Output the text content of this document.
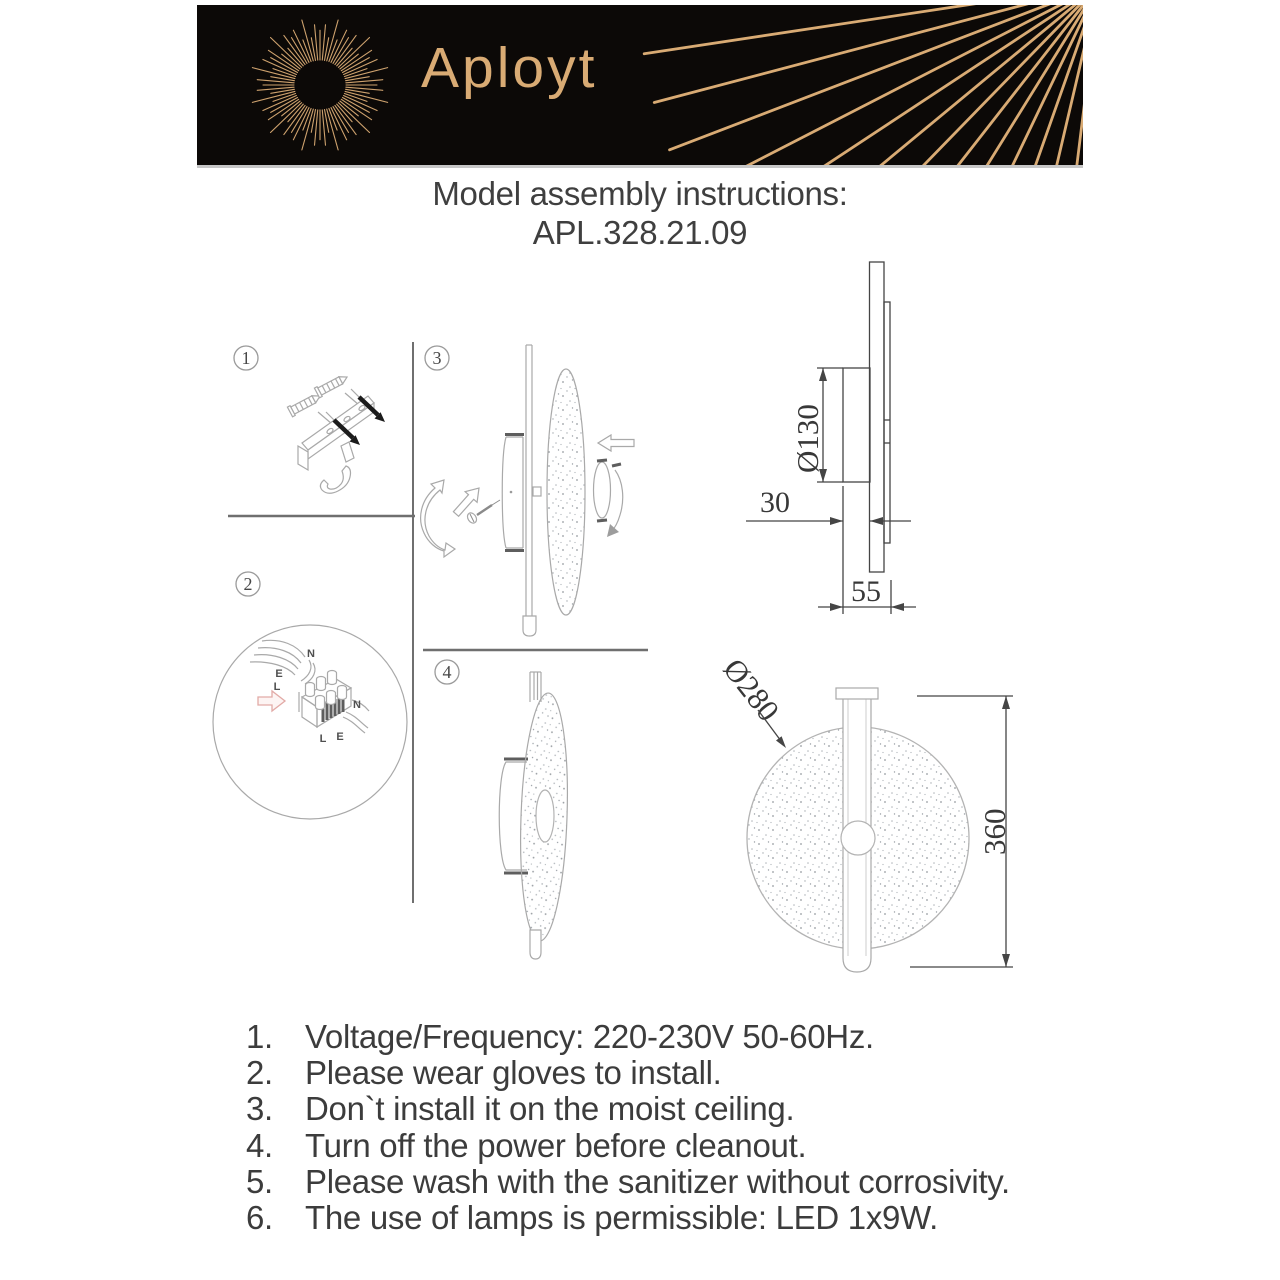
Aployt
Model assembly instructions:
APL.328.21.09
1
2
3
4
N
E
L
N
L E
Ø130
30
55
Ø280
360
1. Voltage/Frequency: 220-230V 50-60Hz.
2. Please wear gloves to install.
3. Don`t install it on the moist ceiling.
4. Turn off the power before cleanout.
5. Please wash with the sanitizer without corrosivity.
6. The use of lamps is permissible: LED 1x9W.
